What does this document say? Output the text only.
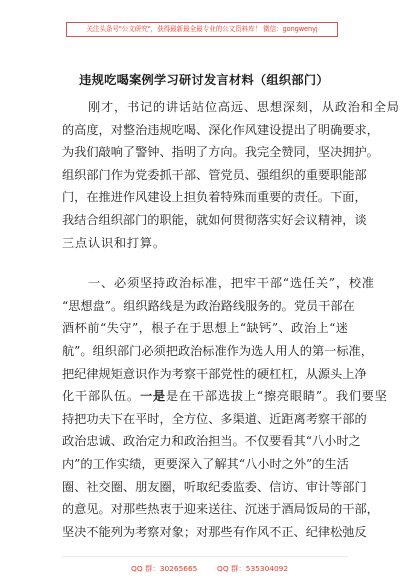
关注头条号"公文研究"，获得最新最全最专业的公文资料库！ 微信：gongwenyj
违规吃喝案例学习研讨发言材料（组织部门）
刚才，书记的讲话站位高远、思想深刻，从政治和全局
的高度，对整治违规吃喝、深化作风建设提出了明确要求，
为我们敲响了警钟、指明了方向。我完全赞同，坚决拥护。
组织部门作为党委抓干部、管党员、强组织的重要职能部
门，在推进作风建设上担负着特殊而重要的责任。下面，
我结合组织部门的职能，就如何贯彻落实好会议精神，谈
三点认识和打算。
一、必须坚持政治标准，把牢干部“选任关”，校准
“思想盘”。组织路线是为政治路线服务的。党员干部在
酒杯前“失守”，根子在于思想上“缺钙”、政治上“迷
航”。组织部门必须把政治标准作为选人用人的第一标准，
把纪律规矩意识作为考察干部党性的硬杠杠，从源头上净
化干部队伍。一是是在干部选拔上“擦亮眼睛”。我们要坚
持把功夫下在平时，全方位、多渠道、近距离考察干部的
政治忠诚、政治定力和政治担当。不仅要看其“八小时之
内”的工作实绩，更要深入了解其“八小时之外”的生活
圈、社交圈、朋友圈，听取纪委监委、信访、审计等部门
的意见。对那些热衷于迎来送往、沉迷于酒局饭局的干部，
坚决不能列为考察对象；对那些有作风不正、纪律松弛反
QQ 群：30265665	QQ 群：535304092
